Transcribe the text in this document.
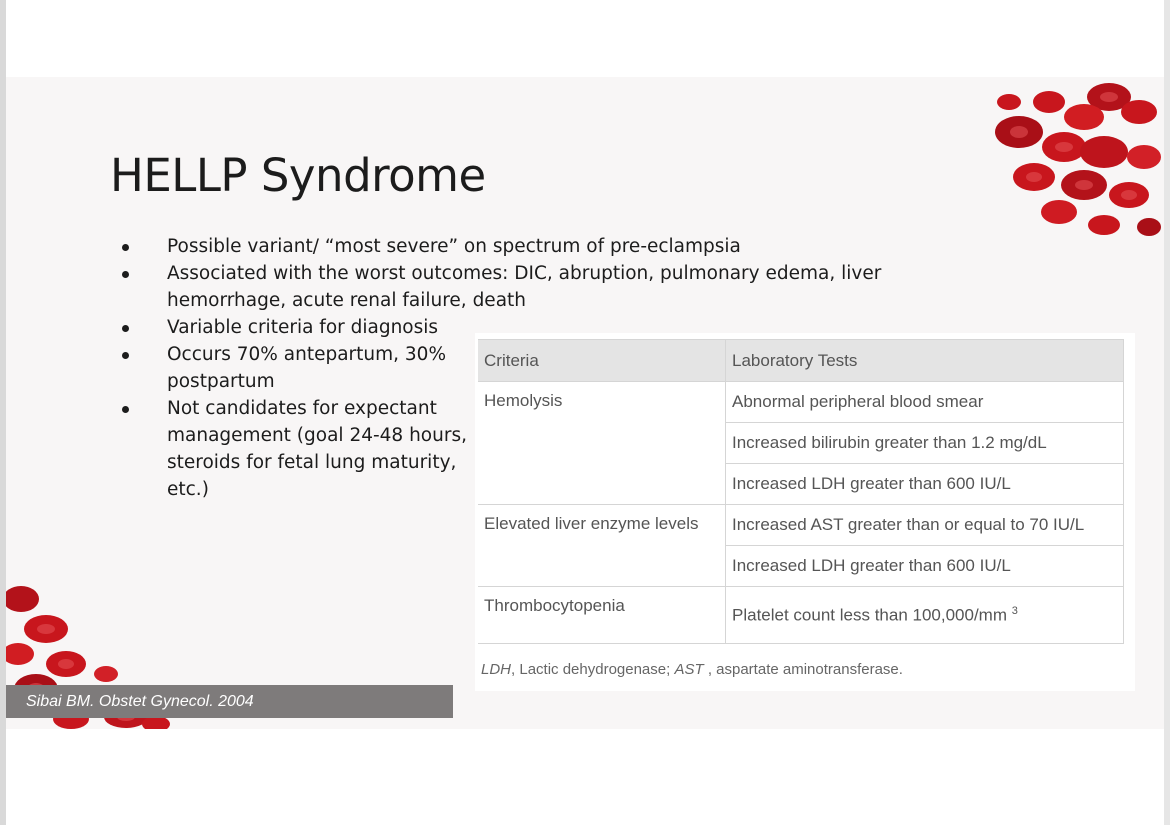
HELLP Syndrome
Possible variant/ “most severe” on spectrum of pre-eclampsia
Associated with the worst outcomes: DIC, abruption, pulmonary edema, liver hemorrhage, acute renal failure, death
Variable criteria for diagnosis
Occurs 70% antepartum, 30% postpartum
Not candidates for expectant management (goal 24-48 hours, steroids for fetal lung maturity, etc.)
Criteria	Laboratory Tests
Hemolysis	Abnormal peripheral blood smear
	Increased bilirubin greater than 1.2 mg/dL
	Increased LDH greater than 600 IU/L
Elevated liver enzyme levels	Increased AST greater than or equal to 70 IU/L
	Increased LDH greater than 600 IU/L
Thrombocytopenia	Platelet count less than 100,000/mm $^3$
LDH, Lactic dehydrogenase; AST , aspartate aminotransferase.
Sibai BM. Obstet Gynecol. 2004
